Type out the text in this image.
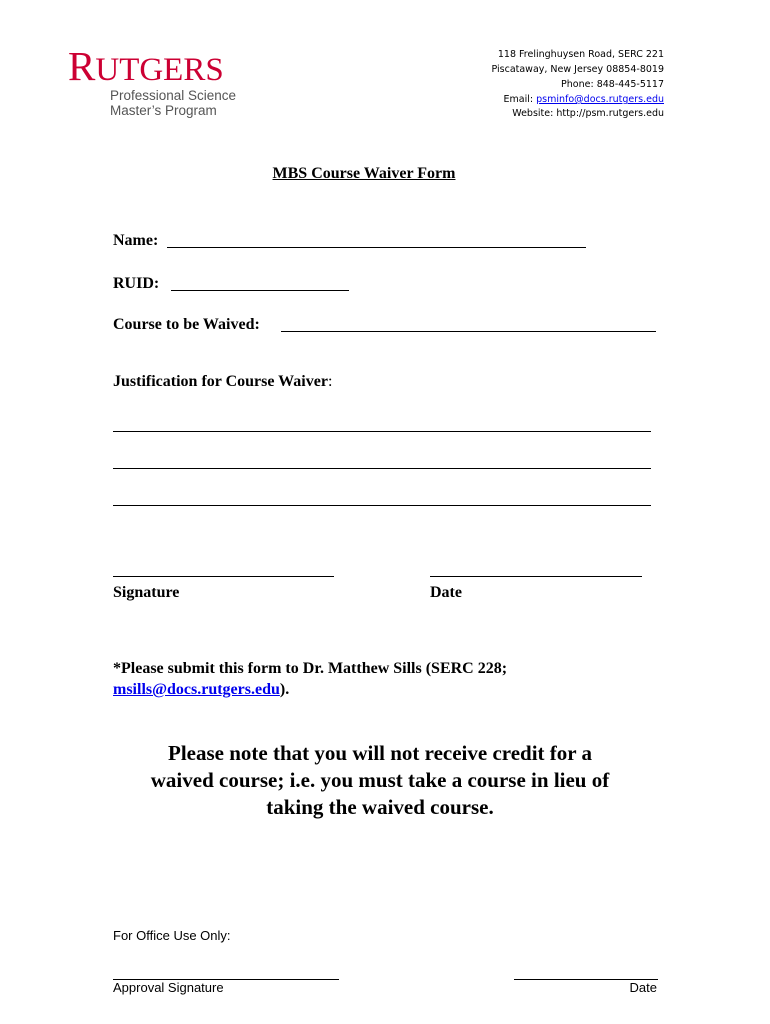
RUTGERS
Professional Science
Master’s Program
118 Frelinghuysen Road, SERC 221
Piscataway, New Jersey 08854-8019
Phone: 848-445-5117
Email: psminfo@docs.rutgers.edu
Website: http://psm.rutgers.edu
MBS Course Waiver Form
Name:
RUID:
Course to be Waived:
Justification for Course Waiver:
Signature	Date
*Please submit this form to Dr. Matthew Sills (SERC 228;
msills@docs.rutgers.edu).
Please note that you will not receive credit for a
waived course; i.e. you must take a course in lieu of
taking the waived course.
For Office Use Only:
Approval Signature	Date
